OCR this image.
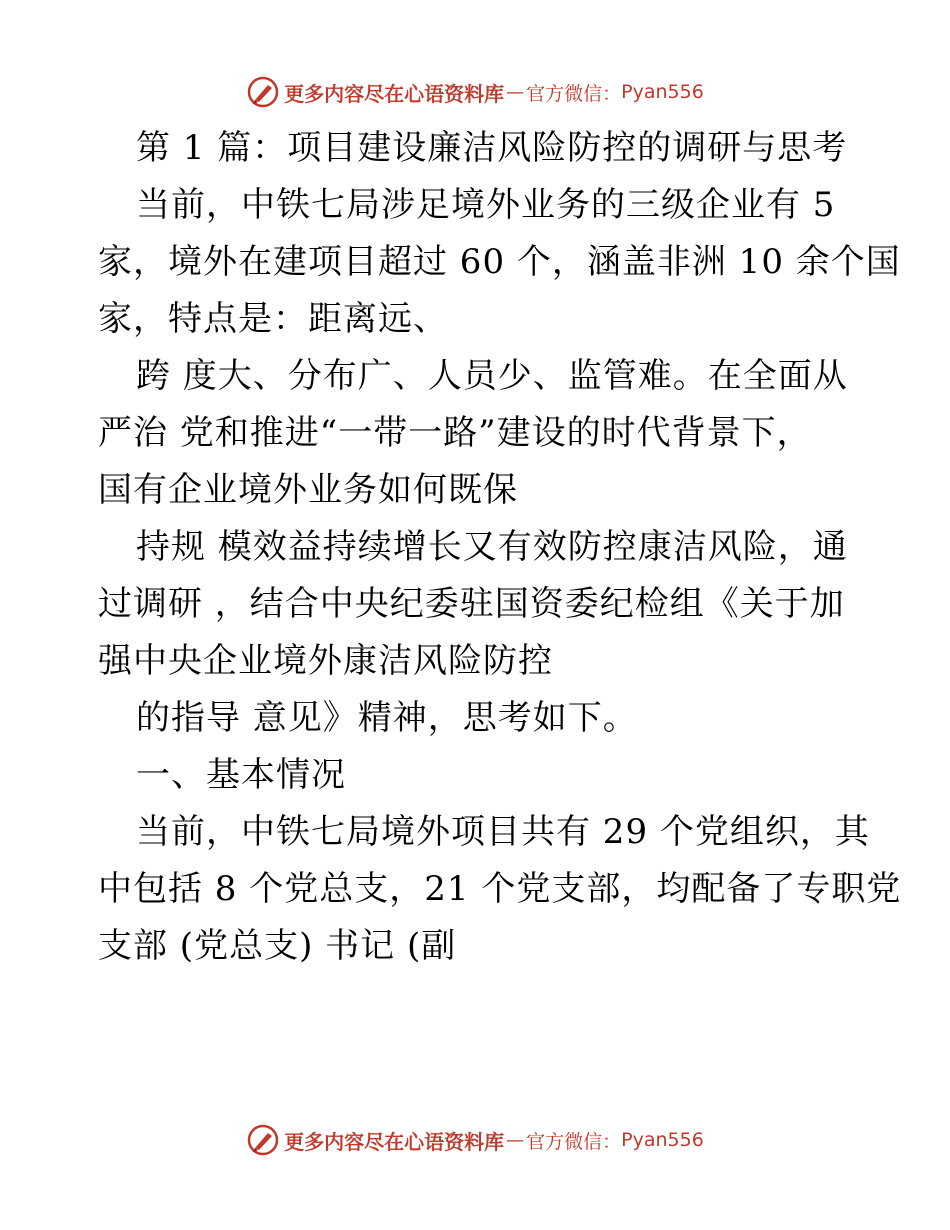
更多内容尽在心语资料库 — 官方微信： Pyan556
第 1 篇：项目建设廉洁风险防控的调研与思考
当前，中铁七局涉足境外业务的三级企业有 5
家，境外在建项目超过 60 个，涵盖非洲 10 余个国
家，特点是：距离远、
跨 度大、分布广、人员少、监管难。在全面从
严治 党和推进“一带一路”建设的时代背景下，
国有企业境外业务如何既保
持规 模效益持续增长又有效防控康洁风险，通
过调研 ，结合中央纪委驻国资委纪检组《关于加
强中央企业境外康洁风险防控
的指导 意见》精神，思考如下。
一、基本情况
当前，中铁七局境外项目共有 29 个党组织，其
中包括 8 个党总支，21 个党支部，均配备了专职党
支部 (党总支) 书记 (副
更多内容尽在心语资料库 — 官方微信： Pyan556
